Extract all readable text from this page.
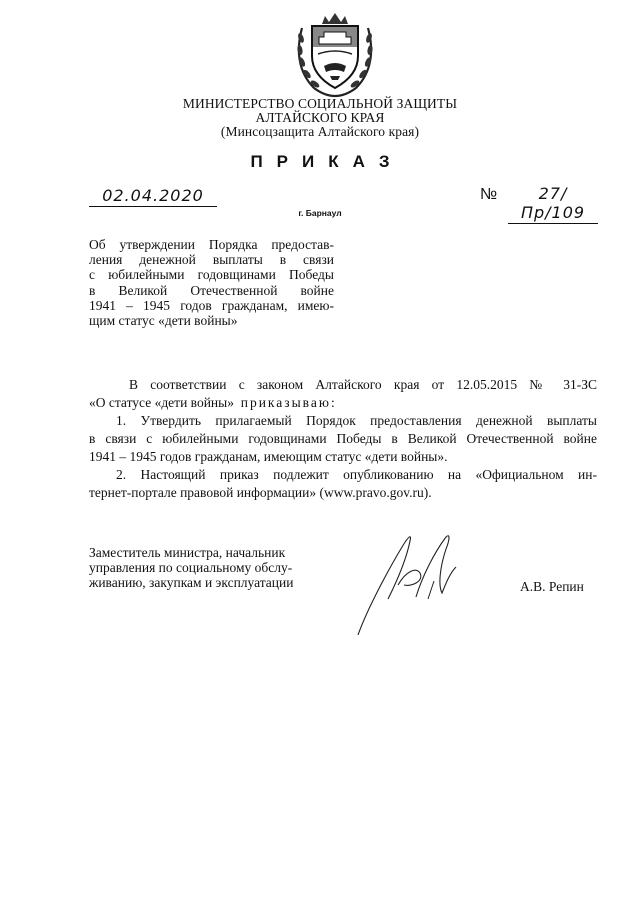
МИНИСТЕРСТВО СОЦИАЛЬНОЙ ЗАЩИТЫ
АЛТАЙСКОГО КРАЯ
(Минсоцзащита Алтайского края)
ПРИКАЗ
02.04.2020	№	27/Пр/109
г. Барнаул
Об утверждении Порядка предостав-
ления денежной выплаты в связи
с юбилейными годовщинами Победы
в Великой Отечественной войне
1941 – 1945 годов гражданам, имею-
щим статус «дети войны»
В соответствии с законом Алтайского края от 12.05.2015 № 31-ЗС
«О статусе «дети войны» приказываю:
1. Утвердить прилагаемый Порядок предоставления денежной выплаты
в связи с юбилейными годовщинами Победы в Великой Отечественной войне
1941 – 1945 годов гражданам, имеющим статус «дети войны».
2. Настоящий приказ подлежит опубликованию на «Официальном ин-
тернет-портале правовой информации» (www.pravo.gov.ru).
Заместитель министра, начальник
управления по социальному обслу-
живанию, закупкам и эксплуатации	А.В. Репин
